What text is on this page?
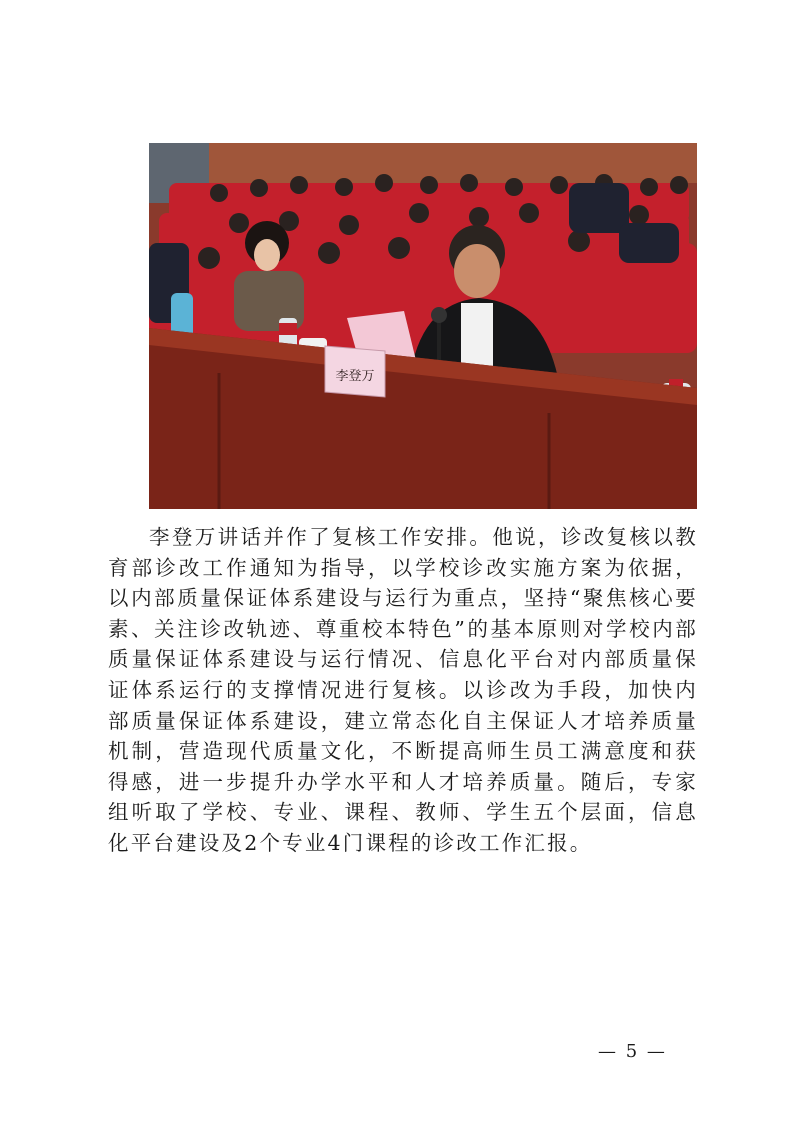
李登万

李登万讲话并作了复核工作安排。他说，诊改复核以教育部诊改工作通知为指导，以学校诊改实施方案为依据，以内部质量保证体系建设与运行为重点，坚持“聚焦核心要素、关注诊改轨迹、尊重校本特色”的基本原则对学校内部质量保证体系建设与运行情况、信息化平台对内部质量保证体系运行的支撑情况进行复核。以诊改为手段，加快内部质量保证体系建设，建立常态化自主保证人才培养质量机制，营造现代质量文化，不断提高师生员工满意度和获得感，进一步提升办学水平和人才培养质量。随后，专家组听取了学校、专业、课程、教师、学生五个层面，信息化平台建设及2个专业4门课程的诊改工作汇报。

— 5 —
